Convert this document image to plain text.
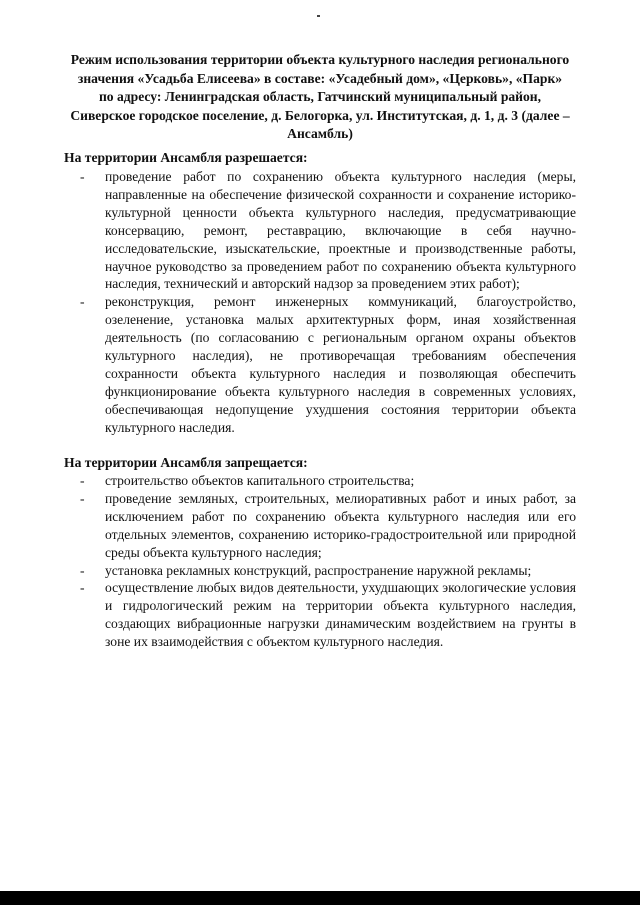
Режим использования территории объекта культурного наследия регионального значения «Усадьба Елисеева» в составе: «Усадебный дом», «Церковь», «Парк» по адресу: Ленинградская область, Гатчинский муниципальный район, Сиверское городское поселение, д. Белогорка, ул. Институтская, д. 1, д. 3 (далее – Ансамбль)

На территории Ансамбля разрешается:

- проведение работ по сохранению объекта культурного наследия (меры, направленные на обеспечение физической сохранности и сохранение историко-культурной ценности объекта культурного наследия, предусматривающие консервацию, ремонт, реставрацию, включающие в себя научно-исследовательские, изыскательские, проектные и производственные работы, научное руководство за проведением работ по сохранению объекта культурного наследия, технический и авторский надзор за проведением этих работ);
- реконструкция, ремонт инженерных коммуникаций, благоустройство, озеленение, установка малых архитектурных форм, иная хозяйственная деятельность (по согласованию с региональным органом охраны объектов культурного наследия), не противоречащая требованиям обеспечения сохранности объекта культурного наследия и позволяющая обеспечить функционирование объекта культурного наследия в современных условиях, обеспечивающая недопущение ухудшения состояния территории объекта культурного наследия.

На территории Ансамбля запрещается:

- строительство объектов капитального строительства;
- проведение земляных, строительных, мелиоративных работ и иных работ, за исключением работ по сохранению объекта культурного наследия или его отдельных элементов, сохранению историко-градостроительной или природной среды объекта культурного наследия;
- установка рекламных конструкций, распространение наружной рекламы;
- осуществление любых видов деятельности, ухудшающих экологические условия и гидрологический режим на территории объекта культурного наследия, создающих вибрационные нагрузки динамическим воздействием на грунты в зоне их взаимодействия с объектом культурного наследия.
